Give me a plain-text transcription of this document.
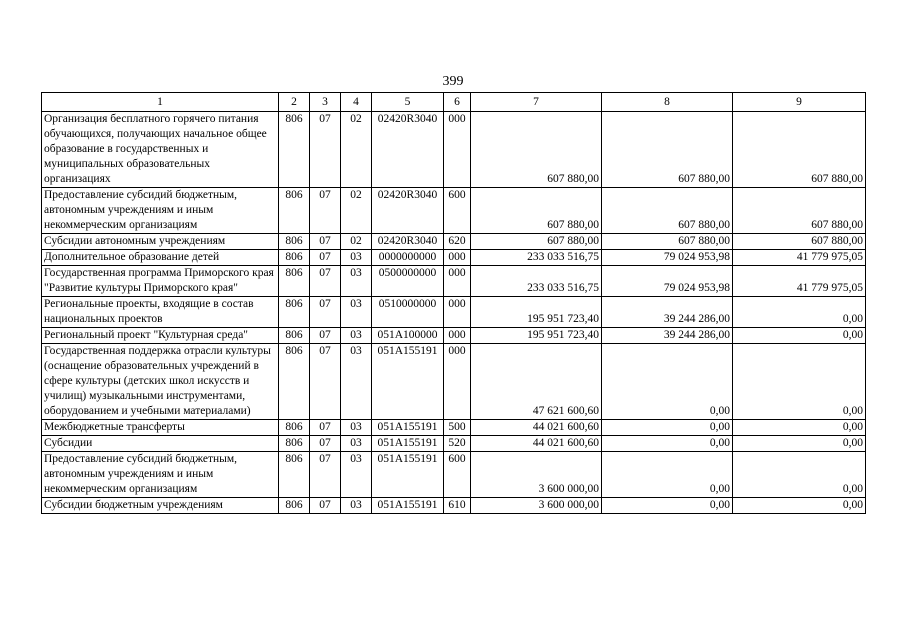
399
1	2	3	4	5	6	7	8	9
Организация бесплатного горячего питания обучающихся, получающих начальное общее образование в государственных и муниципальных образовательных организациях	806	07	02	02420R3040	000	607 880,00	607 880,00	607 880,00
Предоставление субсидий бюджетным, автономным учреждениям и иным некоммерческим организациям	806	07	02	02420R3040	600	607 880,00	607 880,00	607 880,00
Субсидии автономным учреждениям	806	07	02	02420R3040	620	607 880,00	607 880,00	607 880,00
Дополнительное образование детей	806	07	03	0000000000	000	233 033 516,75	79 024 953,98	41 779 975,05
Государственная программа Приморского края "Развитие культуры Приморского края"	806	07	03	0500000000	000	233 033 516,75	79 024 953,98	41 779 975,05
Региональные проекты, входящие в состав национальных проектов	806	07	03	0510000000	000	195 951 723,40	39 244 286,00	0,00
Региональный проект "Культурная среда"	806	07	03	051A100000	000	195 951 723,40	39 244 286,00	0,00
Государственная поддержка отрасли культуры (оснащение образовательных учреждений в сфере культуры (детских школ искусств и училищ) музыкальными инструментами, оборудованием и учебными материалами)	806	07	03	051A155191	000	47 621 600,60	0,00	0,00
Межбюджетные трансферты	806	07	03	051A155191	500	44 021 600,60	0,00	0,00
Субсидии	806	07	03	051A155191	520	44 021 600,60	0,00	0,00
Предоставление субсидий бюджетным, автономным учреждениям и иным некоммерческим организациям	806	07	03	051A155191	600	3 600 000,00	0,00	0,00
Субсидии бюджетным учреждениям	806	07	03	051A155191	610	3 600 000,00	0,00	0,00
